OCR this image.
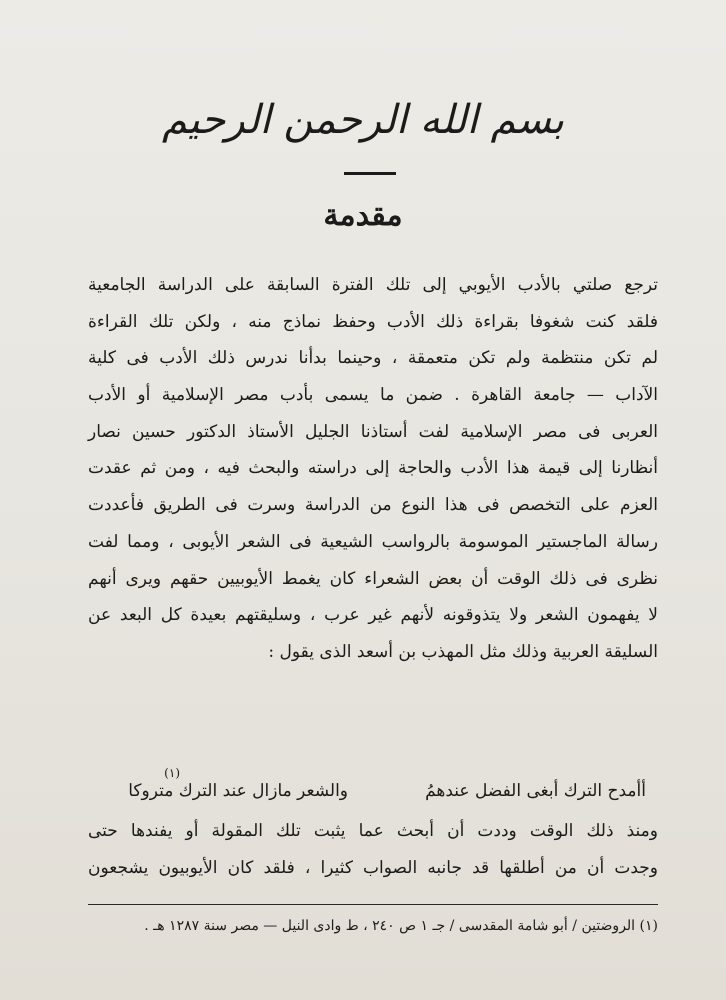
بسم الله الرحمن الرحيم
مقدمة
ترجع صلتي بالأدب الأيوبي إلى تلك الفترة السابقة على الدراسة الجامعية
فلقد كنت شغوفا بقراءة ذلك الأدب وحفظ نماذج منه ، ولكن تلك القراءة
لم تكن منتظمة ولم تكن متعمقة ، وحينما بدأنا ندرس ذلك الأدب فى كلية
الآداب — جامعة القاهرة . ضمن ما يسمى بأدب مصر الإسلامية أو الأدب
العربى فى مصر الإسلامية لفت أستاذنا الجليل الأستاذ الدكتور حسين نصار
أنظارنا إلى قيمة هذا الأدب والحاجة إلى دراسته والبحث فيه ، ومن ثم عقدت
العزم على التخصص فى هذا النوع من الدراسة وسرت فى الطريق فأعددت
رسالة الماجستير الموسومة بالرواسب الشيعية فى الشعر الأيوبى ، ومما لفت
نظرى فى ذلك الوقت أن بعض الشعراء كان يغمط الأيوبيين حقهم ويرى أنهم
لا يفهمون الشعر ولا يتذوقونه لأنهم غير عرب ، وسليقتهم بعيدة كل البعد عن
السليقة العربية وذلك مثل المهذب بن أسعد الذى يقول :
أأمدح الترك أبغى الفضل عندهمُ
والشعر مازال عند الترك متروكا
(١)
ومنذ ذلك الوقت وددت أن أبحث عما يثبت تلك المقولة أو يفندها حتى
وجدت أن من أطلقها قد جانبه الصواب كثيرا ، فلقد كان الأيوبيون يشجعون
(١) الروضتين / أبو شامة المقدسى / جـ ١ ص ٢٤٠ ، ط وادى النيل — مصر سنة ١٢٨٧ هـ .
